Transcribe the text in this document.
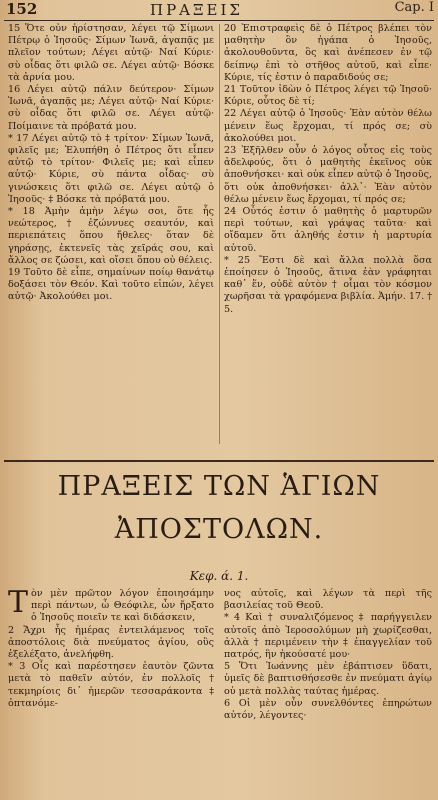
152	ΠΡΑΞΕΙΣ	Cap. I

15 Ὅτε οὖν ἠρίστησαν, λέγει τῷ Σίμωνι Πέτρῳ ὁ Ἰησοῦς· Σίμων Ἰωνᾶ, ἀγαπᾷς με πλεῖον τούτων; Λέγει αὐτῷ· Ναί Κύριε· σὺ οἶδας ὅτι φιλῶ σε. Λέγει αὐτῷ· Βόσκε τὰ ἀρνία μου.

16 Λέγει αὐτῷ πάλιν δεύτερον· Σίμων Ἰωνᾶ, ἀγαπᾷς με; Λέγει αὐτῷ· Ναί Κύριε· σὺ οἶδας ὅτι φιλῶ σε. Λέγει αὐτῷ· Ποίμαινε τὰ πρόβατά μου.

* 17 Λέγει αὐτῷ τὸ ‡ τρίτον· Σίμων Ἰωνᾶ, φιλεῖς με; Ἐλυπήθη ὁ Πέτρος ὅτι εἶπεν αὐτῷ τὸ τρίτον· Φιλεῖς με; καὶ εἶπεν αὐτῷ· Κύριε, σὺ πάντα οἶδας· σὺ γινώσκεις ὅτι φιλῶ σε. Λέγει αὐτῷ ὁ Ἰησοῦς· ‡ Βόσκε τὰ πρόβατά μου.

* 18 Ἀμὴν ἀμὴν λέγω σοι, ὅτε ἧς νεώτερος, † ἐζώννυες σεαυτόν, καὶ περιεπάτεις ὅπου ἤθελες· ὅταν δὲ γηράσῃς, ἐκτενεῖς τὰς χεῖράς σου, καὶ ἄλλος σε ζώσει, καὶ οἴσει ὅπου οὐ θέλεις.

19 Τοῦτο δὲ εἶπε, σημαίνων ποίῳ θανάτῳ δοξάσει τὸν Θεόν. Καὶ τοῦτο εἰπών, λέγει αὐτῷ· Ἀκολούθει μοι.

20 Ἐπιστραφεὶς δὲ ὁ Πέτρος βλέπει τὸν μαθητὴν ὃν ἠγάπα ὁ Ἰησοῦς, ἀκολουθοῦντα, ὃς καὶ ἀνέπεσεν ἐν τῷ δείπνῳ ἐπὶ τὸ στῆθος αὐτοῦ, καὶ εἶπε· Κύριε, τίς ἐστιν ὁ παραδιδούς σε;

21 Τοῦτον ἰδὼν ὁ Πέτρος λέγει τῷ Ἰησοῦ· Κύριε, οὗτος δὲ τί;

22 Λέγει αὐτῷ ὁ Ἰησοῦς· Ἐὰν αὐτὸν θέλω μένειν ἕως ἔρχομαι, τί πρός σε; σὺ ἀκολούθει μοι.

23 Ἐξῆλθεν οὖν ὁ λόγος οὗτος εἰς τοὺς ἀδελφούς, ὅτι ὁ μαθητὴς ἐκεῖνος οὐκ ἀποθνήσκει· καὶ οὐκ εἶπεν αὐτῷ ὁ Ἰησοῦς, ὅτι οὐκ ἀποθνήσκει· ἀλλ᾽· Ἐὰν αὐτὸν θέλω μένειν ἕως ἔρχομαι, τί πρός σε;

24 Οὗτός ἐστιν ὁ μαθητὴς ὁ μαρτυρῶν περὶ τούτων, καὶ γράψας ταῦτα· καὶ οἴδαμεν ὅτι ἀληθής ἐστιν ἡ μαρτυρία αὐτοῦ.

* 25 Ἔστι δὲ καὶ ἄλλα πολλὰ ὅσα ἐποίησεν ὁ Ἰησοῦς, ἅτινα ἐὰν γράφηται καθ᾽ ἕν, οὐδὲ αὐτὸν † οἶμαι τὸν κόσμον χωρῆσαι τὰ γραφόμενα βιβλία. Ἀμήν. 17. † 5.

ΠΡΑΞΕΙΣ ΤΩΝ ἉΓΙΩΝ
ἈΠΟΣΤΟΛΩΝ.
Κεφ. ά. 1.

Τὸν μὲν πρῶτον λόγον ἐποιησάμην περὶ πάντων, ὦ Θεόφιλε, ὧν ἤρξατο ὁ Ἰησοῦς ποιεῖν τε καὶ διδάσκειν,

2 Ἄχρι ἧς ἡμέρας ἐντειλάμενος τοῖς ἀποστόλοις διὰ πνεύματος ἁγίου, οὓς ἐξελέξατο, ἀνελήφθη.

* 3 Οἷς καὶ παρέστησεν ἑαυτὸν ζῶντα μετὰ τὸ παθεῖν αὐτόν, ἐν πολλοῖς † τεκμηρίοις δι᾽ ἡμερῶν τεσσαράκοντα ‡ ὀπτανόμε-

νος αὐτοῖς, καὶ λέγων τὰ περὶ τῆς βασιλείας τοῦ Θεοῦ.

* 4 Καὶ † συναλιζόμενος ‡ παρήγγειλεν αὐτοῖς ἀπὸ Ἱεροσολύμων μὴ χωρίζεσθαι, ἀλλὰ † περιμένειν τὴν ‡ ἐπαγγελίαν τοῦ πατρός, ἣν ἠκούσατέ μου·

5 Ὅτι Ἰωάννης μὲν ἐβάπτισεν ὕδατι, ὑμεῖς δὲ βαπτισθήσεσθε ἐν πνεύματι ἁγίῳ οὐ μετὰ πολλὰς ταύτας ἡμέρας.

6 Οἱ μὲν οὖν συνελθόντες ἐπηρώτων αὐτόν, λέγοντες·
